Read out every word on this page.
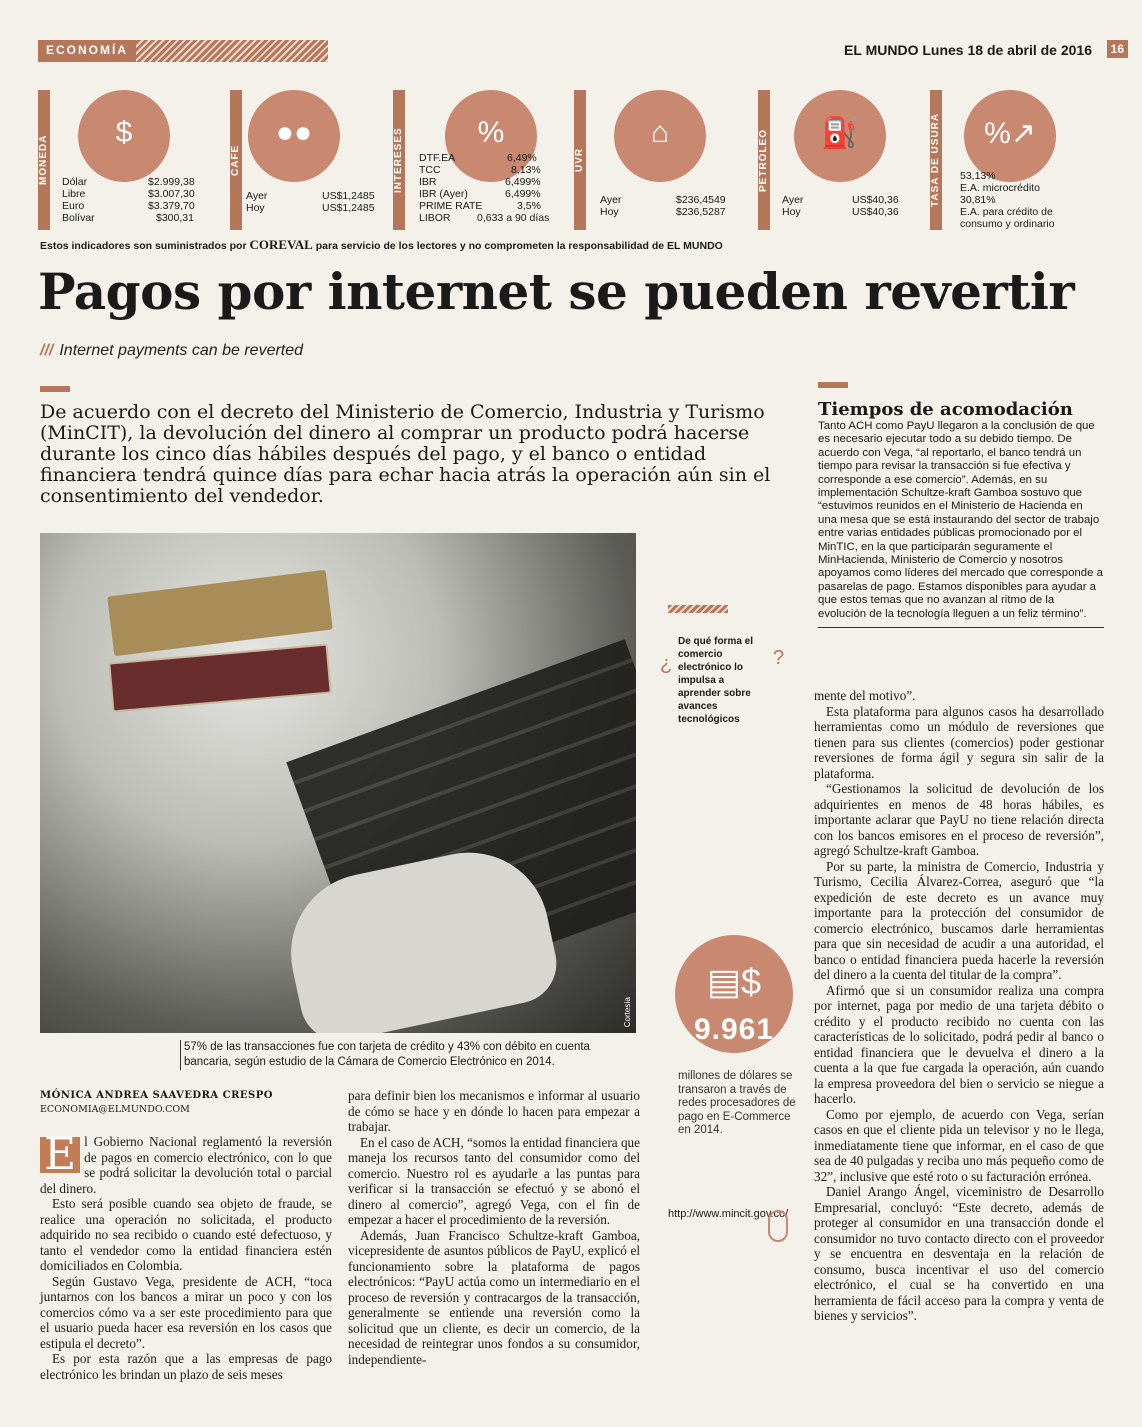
ECONOMÍA	EL MUNDO Lunes 18 de abril de 2016	16
MONEDA
$
Dólar	$2.999,38
Libre	$3.007,30
Euro	$3.379,70
Bolívar	$300,31
CAFÉ
●●
Ayer	US$1,2485
Hoy	US$1,2485
INTERESES	%
DTF.EA	6,49%
TCC	8,13%
IBR	6,499%
IBR (Ayer)	6,499%
PRIME RATE	3,5%
LIBOR	0,633 a 90 días
UVR
⌂
Ayer	$236,4549
Hoy	$236,5287
PETRÓLEO	⛽
Ayer	US$40,36
Hoy	US$40,36
TASA DE USURA	%↗
53,13%
E.A. microcrédito
30,81%
E.A. para crédito de
consumo y ordinario
Estos indicadores son suministrados por COREVAL para servicio de los lectores y no comprometen la responsabilidad de EL MUNDO
Pagos por internet se pueden revertir
/// Internet payments can be reverted

De acuerdo con el decreto del Ministerio de Comercio, Industria y Turismo (MinCIT), la devolución del dinero al comprar un producto podrá hacerse durante los cinco días hábiles después del pago, y el banco o entidad financiera tendrá quince días para echar hacia atrás la operación aún sin el consentimiento del vendedor.

Cortesía

57% de las transacciones fue con tarjeta de crédito y 43% con débito en cuenta bancaria, según estudio de la Cámara de Comercio Electrónico en 2014.

MÓNICA ANDREA SAAVEDRA CRESPO
ECONOMIA@ELMUNDO.COM

E l Gobierno Nacional reglamentó la reversión de pagos en comercio electrónico, con lo que se podrá solicitar la devolución total o parcial del dinero.

Esto será posible cuando sea objeto de fraude, se realice una operación no solicitada, el producto adquirido no sea recibido o cuando esté defectuoso, y tanto el vendedor como la entidad financiera estén domiciliados en Colombia.

Según Gustavo Vega, presidente de ACH, “toca juntarnos con los bancos a mirar un poco y con los comercios cómo va a ser este procedimiento para que el usuario pueda hacer esa reversión en los casos que estipula el decreto”.

Es por esta razón que a las empresas de pago electrónico les brindan un plazo de seis meses

para definir bien los mecanismos e informar al usuario de cómo se hace y en dónde lo hacen para empezar a trabajar.

En el caso de ACH, “somos la entidad financiera que maneja los recursos tanto del consumidor como del comercio. Nuestro rol es ayudarle a las puntas para verificar si la transacción se efectuó y se abonó el dinero al comercio”, agregó Vega, con el fin de empezar a hacer el procedimiento de la reversión.

Además, Juan Francisco Schultze-kraft Gamboa, vicepresidente de asuntos públicos de PayU, explicó el funcionamiento sobre la plataforma de pagos electrónicos: “PayU actúa como un intermediario en el proceso de reversión y contracargos de la transacción, generalmente se entiende una reversión como la solicitud que un cliente, es decir un comercio, de la necesidad de reintegrar unos fondos a su consumidor, independiente-

¿
De qué forma el comercio electrónico lo impulsa a aprender sobre avances tecnológicos
?
▤$
9.961

millones de dólares se transaron a través de redes procesadores de pago en E-Commerce en 2014.

http://www.mincit.gov.co/
Tiempos de acomodación

Tanto ACH como PayU llegaron a la conclusión de que es necesario ejecutar todo a su debido tiempo. De acuerdo con Vega, “al reportarlo, el banco tendrá un tiempo para revisar la transacción si fue efectiva y corresponde a ese comercio”. Además, en su implementación Schultze-kraft Gamboa sostuvo que “estuvimos reunidos en el Ministerio de Hacienda en una mesa que se está instaurando del sector de trabajo entre varias entidades públicas promocionado por el MinTIC, en la que participarán seguramente el MinHacienda, Ministerio de Comercio y nosotros apoyamos como líderes del mercado que corresponde a pasarelas de pago. Estamos disponibles para ayudar a que estos temas que no avanzan al ritmo de la evolución de la tecnología lleguen a un feliz término”.

mente del motivo”.

Esta plataforma para algunos casos ha desarrollado herramientas como un módulo de reversiones que tienen para sus clientes (comercios) poder gestionar reversiones de forma ágil y segura sin salir de la plataforma.

“Gestionamos la solicitud de devolución de los adquirientes en menos de 48 horas hábiles, es importante aclarar que PayU no tiene relación directa con los bancos emisores en el proceso de reversión”, agregó Schultze-kraft Gamboa.

Por su parte, la ministra de Comercio, Industria y Turismo, Cecilia Álvarez-Correa, aseguró que “la expedición de este decreto es un avance muy importante para la protección del consumidor de comercio electrónico, buscamos darle herramientas para que sin necesidad de acudir a una autoridad, el banco o entidad financiera pueda hacerle la reversión del dinero a la cuenta del titular de la compra”.

Afirmó que si un consumidor realiza una compra por internet, paga por medio de una tarjeta débito o crédito y el producto recibido no cuenta con las características de lo solicitado, podrá pedir al banco o entidad financiera que le devuelva el dinero a la cuenta a la que fue cargada la operación, aún cuando la empresa proveedora del bien o servicio se niegue a hacerlo.

Como por ejemplo, de acuerdo con Vega, serían casos en que el cliente pida un televisor y no le llega, inmediatamente tiene que informar, en el caso de que sea de 40 pulgadas y reciba uno más pequeño como de 32”, inclusive que esté roto o su facturación errónea.

Daniel Arango Ángel, viceministro de Desarrollo Empresarial, concluyó: “Este decreto, además de proteger al consumidor en una transacción donde el consumidor no tuvo contacto directo con el proveedor y se encuentra en desventaja en la relación de consumo, busca incentivar el uso del comercio electrónico, el cual se ha convertido en una herramienta de fácil acceso para la compra y venta de bienes y servicios”.
